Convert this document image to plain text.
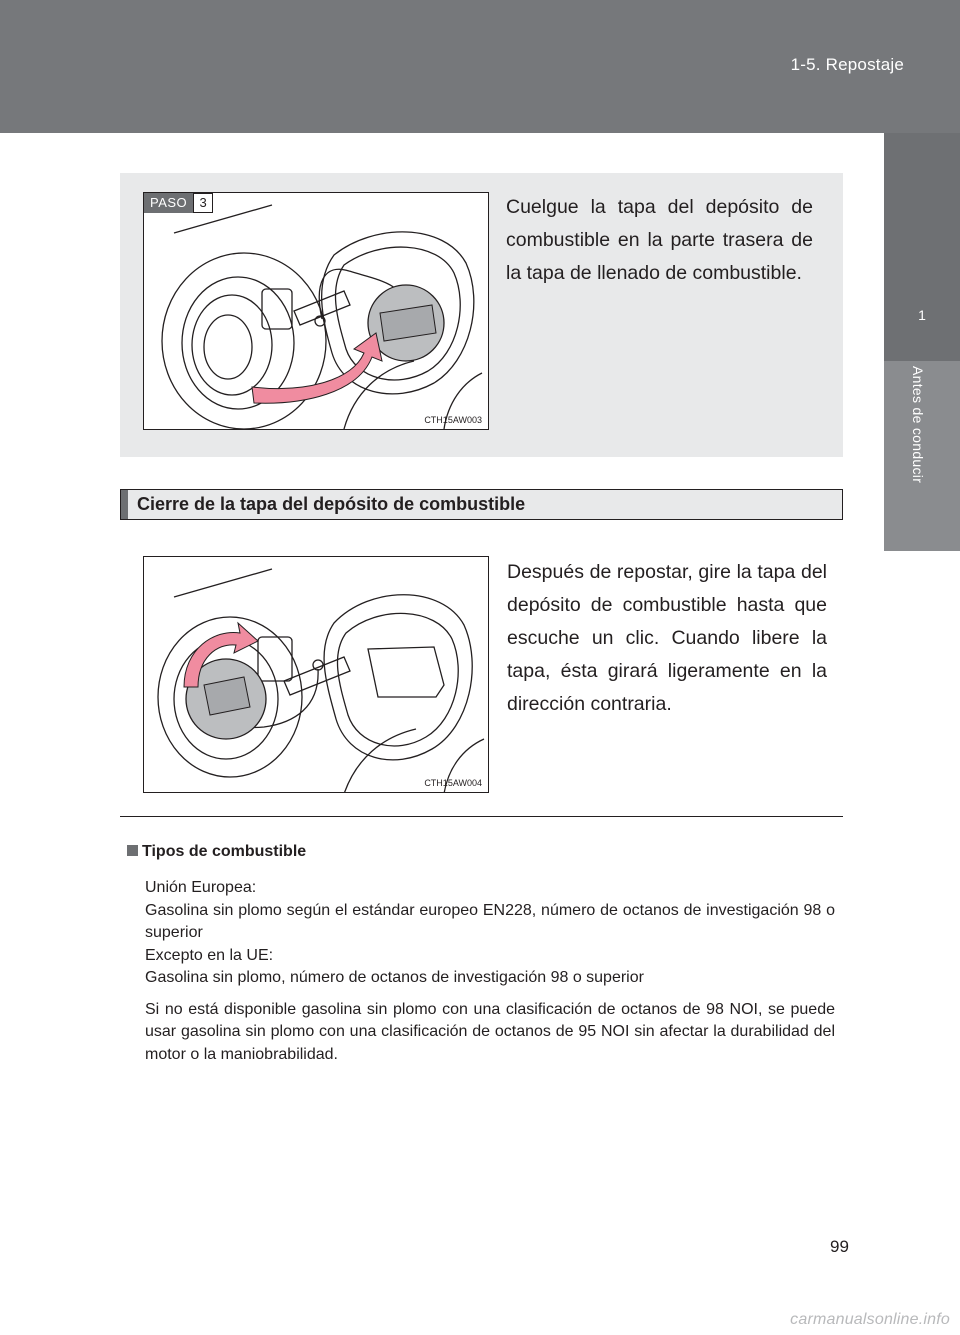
1-5. Repostaje
1
Antes de conducir
PASO 3
CTH15AW003
Cuelgue la tapa del depósito de combustible en la parte trasera de la tapa de llenado de combustible.
Cierre de la tapa del depósito de combustible
CTH15AW004
Después de repostar, gire la tapa del depósito de combustible hasta que escuche un clic. Cuando libere la tapa, ésta girará ligeramente en la dirección contraria.
Tipos de combustible

Unión Europea:

Gasolina sin plomo según el estándar europeo EN228, número de octanos de investigación 98 o superior

Excepto en la UE:

Gasolina sin plomo, número de octanos de investigación 98 o superior

Si no está disponible gasolina sin plomo con una clasificación de octanos de 98 NOI, se puede usar gasolina sin plomo con una clasificación de octanos de 95 NOI sin afectar la durabilidad del motor o la maniobrabilidad.

99
carmanualsonline.info
